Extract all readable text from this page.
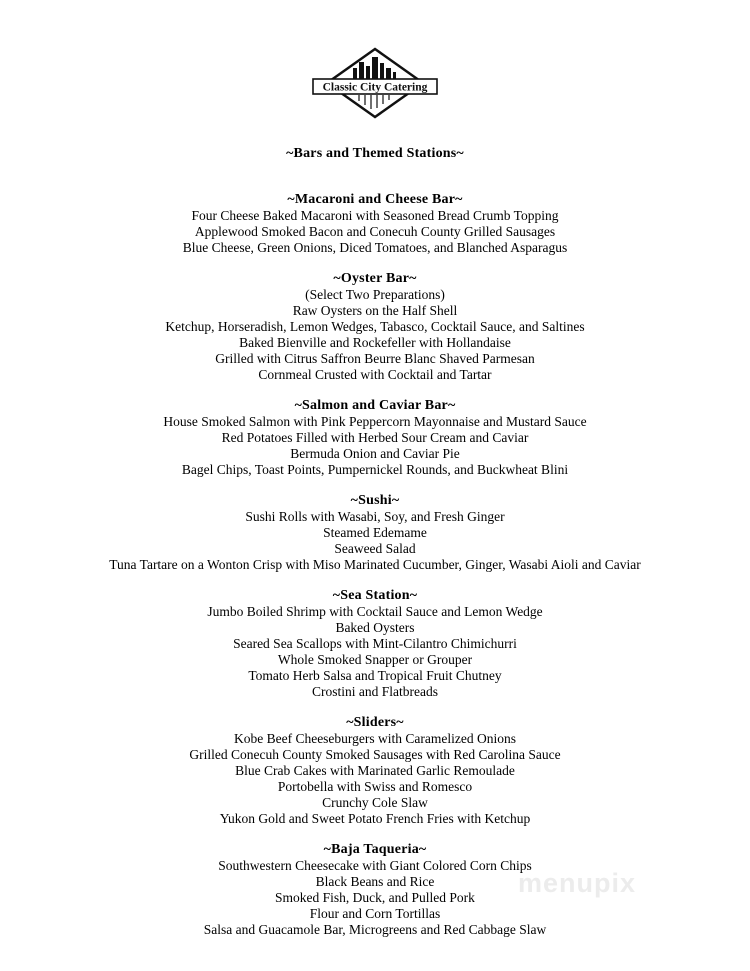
Classic City Catering
~Bars and Themed Stations~
~Macaroni and Cheese Bar~
Four Cheese Baked Macaroni with Seasoned Bread Crumb Topping
Applewood Smoked Bacon and Conecuh County Grilled Sausages
Blue Cheese, Green Onions, Diced Tomatoes, and Blanched Asparagus
~Oyster Bar~
(Select Two Preparations)
Raw Oysters on the Half Shell
Ketchup, Horseradish, Lemon Wedges, Tabasco, Cocktail Sauce, and Saltines
Baked Bienville and Rockefeller with Hollandaise
Grilled with Citrus Saffron Beurre Blanc Shaved Parmesan
Cornmeal Crusted with Cocktail and Tartar
~Salmon and Caviar Bar~
House Smoked Salmon with Pink Peppercorn Mayonnaise and Mustard Sauce
Red Potatoes Filled with Herbed Sour Cream and Caviar
Bermuda Onion and Caviar Pie
Bagel Chips, Toast Points, Pumpernickel Rounds, and Buckwheat Blini
~Sushi~
Sushi Rolls with Wasabi, Soy, and Fresh Ginger
Steamed Edemame
Seaweed Salad
Tuna Tartare on a Wonton Crisp with Miso Marinated Cucumber, Ginger, Wasabi Aioli and Caviar
~Sea Station~
Jumbo Boiled Shrimp with Cocktail Sauce and Lemon Wedge
Baked Oysters
Seared Sea Scallops with Mint-Cilantro Chimichurri
Whole Smoked Snapper or Grouper
Tomato Herb Salsa and Tropical Fruit Chutney
Crostini and Flatbreads
~Sliders~
Kobe Beef Cheeseburgers with Caramelized Onions
Grilled Conecuh County Smoked Sausages with Red Carolina Sauce
Blue Crab Cakes with Marinated Garlic Remoulade
Portobella with Swiss and Romesco
Crunchy Cole Slaw
Yukon Gold and Sweet Potato French Fries with Ketchup
~Baja Taqueria~
Southwestern Cheesecake with Giant Colored Corn Chips
Black Beans and Rice
Smoked Fish, Duck, and Pulled Pork
Flour and Corn Tortillas
Salsa and Guacamole Bar, Microgreens and Red Cabbage Slaw
menupix
